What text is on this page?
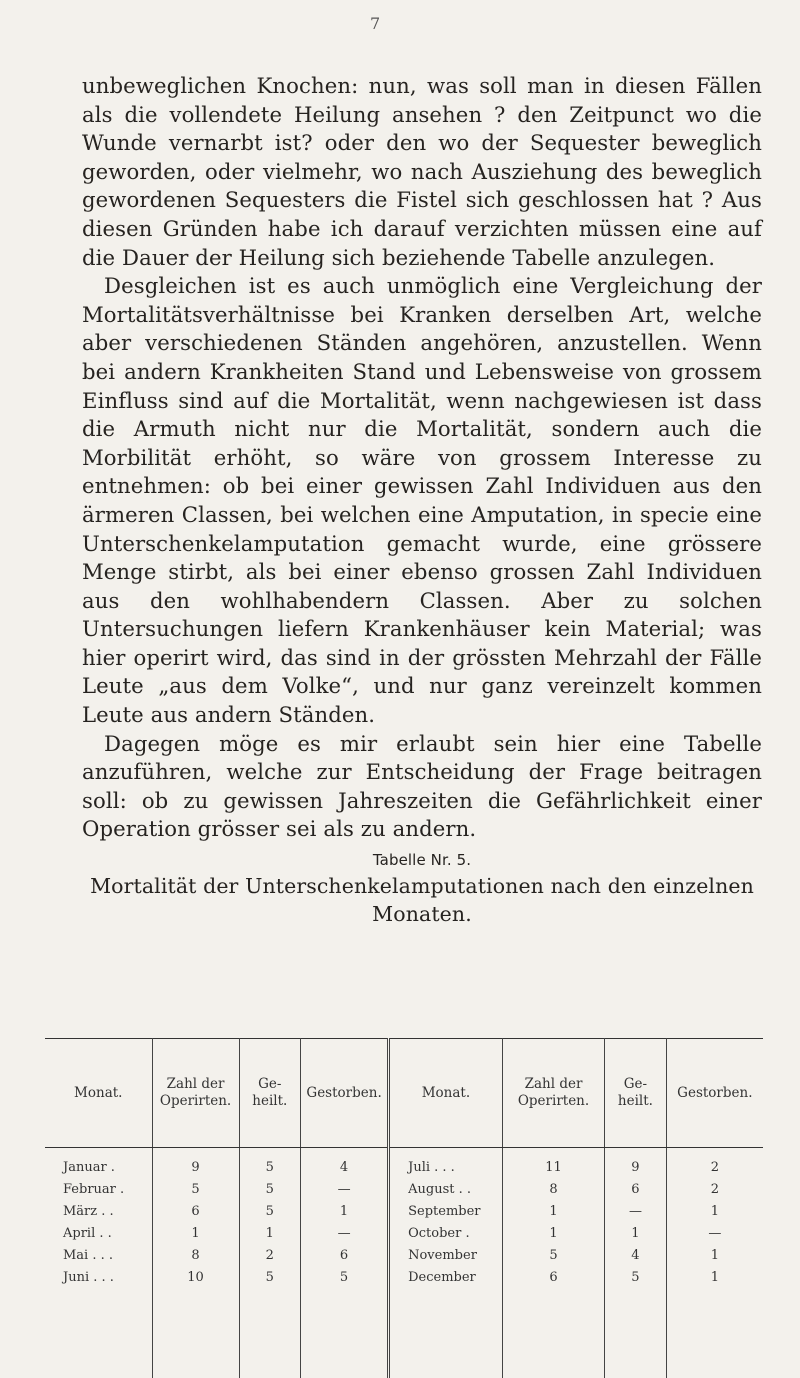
7

unbeweglichen Knochen: nun, was soll man in diesen Fällen als die vollendete Heilung ansehen ? den Zeitpunct wo die Wunde vernarbt ist? oder den wo der Sequester beweglich geworden, oder vielmehr, wo nach Ausziehung des beweglich gewordenen Sequesters die Fistel sich geschlossen hat ? Aus diesen Gründen habe ich darauf verzichten müssen eine auf die Dauer der Heilung sich beziehende Tabelle anzulegen.

Desgleichen ist es auch unmöglich eine Vergleichung der Mortalitätsverhältnisse bei Kranken derselben Art, welche aber verschiedenen Ständen angehören, anzustellen. Wenn bei andern Krankheiten Stand und Lebensweise von grossem Einfluss sind auf die Mortalität, wenn nachgewiesen ist dass die Armuth nicht nur die Mortalität, sondern auch die Morbilität erhöht, so wäre von grossem Interesse zu entnehmen: ob bei einer gewissen Zahl Individuen aus den ärmeren Classen, bei welchen eine Amputation, in specie eine Unterschenkelamputation gemacht wurde, eine grössere Menge stirbt, als bei einer ebenso grossen Zahl Individuen aus den wohlhabendern Classen. Aber zu solchen Untersuchungen liefern Krankenhäuser kein Material; was hier operirt wird, das sind in der grössten Mehrzahl der Fälle Leute „aus dem Volke“, und nur ganz vereinzelt kommen Leute aus andern Ständen.

Dagegen möge es mir erlaubt sein hier eine Tabelle anzuführen, welche zur Entscheidung der Frage beitragen soll: ob zu gewissen Jahreszeiten die Gefährlichkeit einer Operation grösser sei als zu andern.

Tabelle Nr. 5.
Mortalität der Unterschenkelamputationen nach den einzelnen Monaten.
Monat.	Zahl der Operirten.	Ge- heilt.	Gestorben.	Monat.	Zahl der Operirten.	Ge- heilt.	Gestorben.
Januar .	9	5	4	Juli . . .	11	9	2
Februar .	5	5	—	August . .	8	6	2
März . .	6	5	1	September	1	—	1
April . .	1	1	—	October .	1	1	—
Mai . . .	8	2	6	November	5	4	1
Juni . . .	10	5	5	December	6	5	1
